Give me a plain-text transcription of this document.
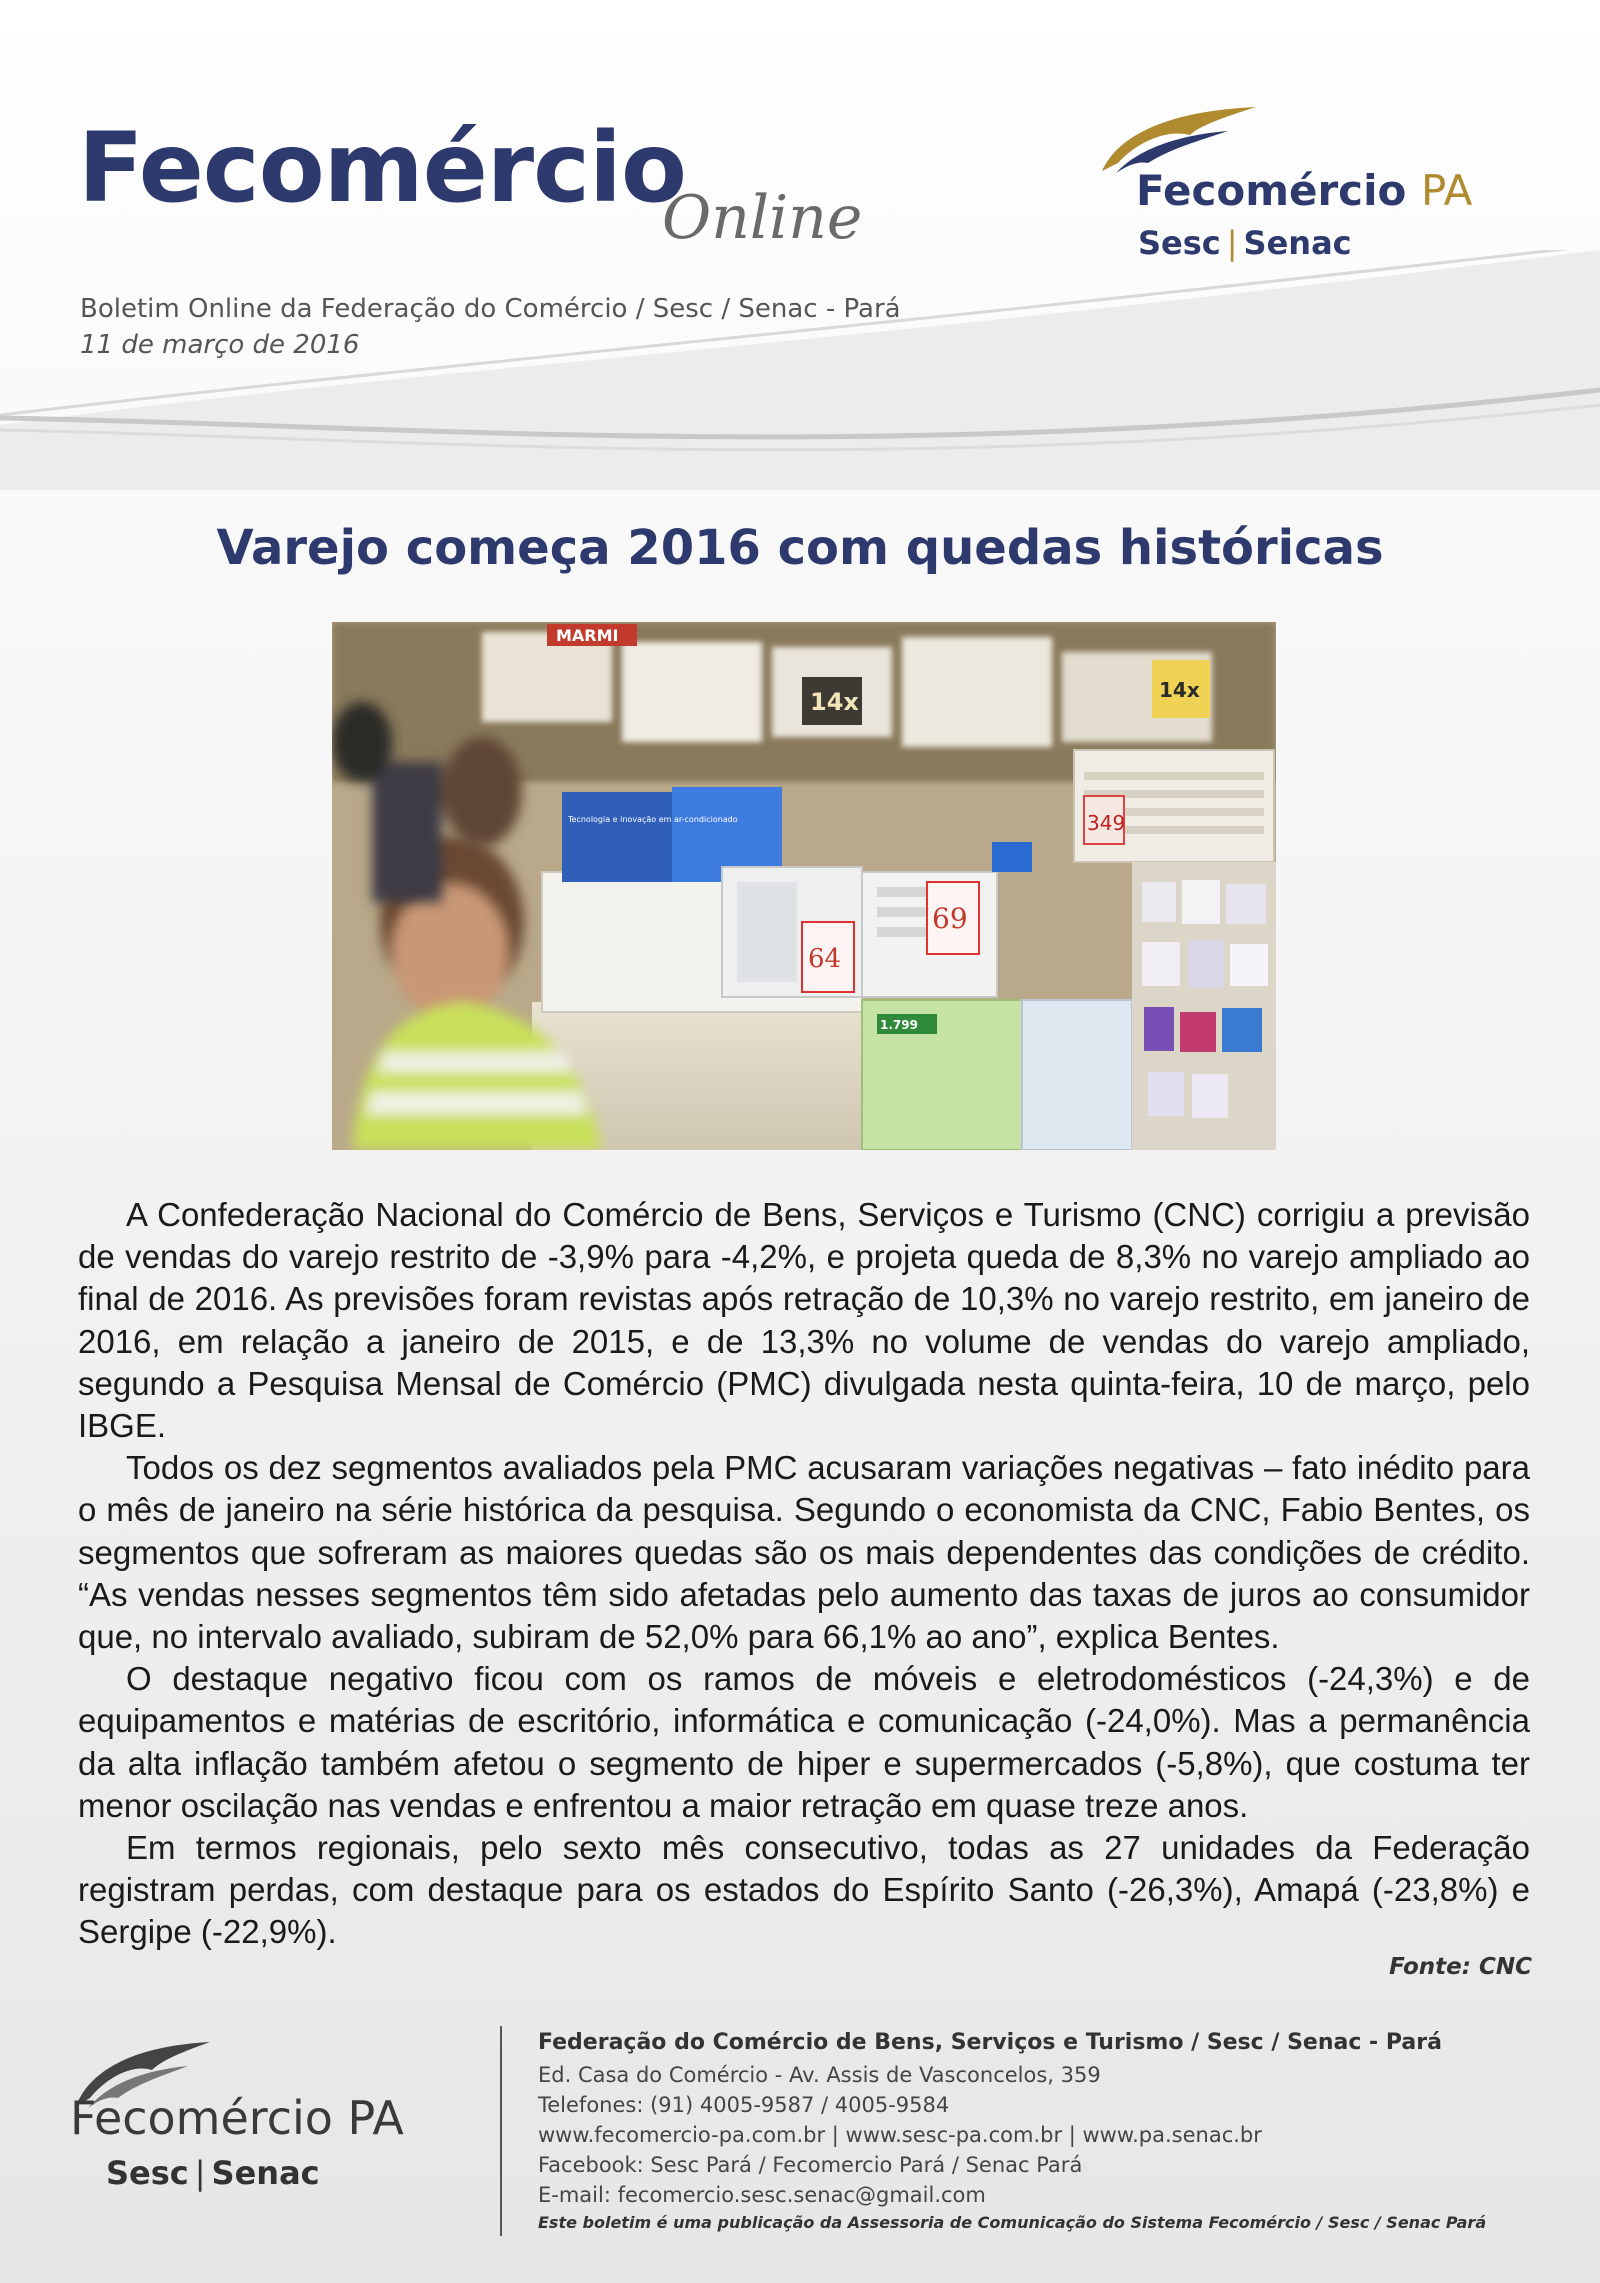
Fecomércio
Online
Boletim Online da Federação do Comércio / Sesc / Senac - Pará
11 de março de 2016
Fecomércio PA
Sesc | Senac
Varejo começa 2016 com quedas históricas
MARMI
14x	14x
349
Tecnologia e inovação em ar-condicionado
64
69
1.799

A Confederação Nacional do Comércio de Bens, Serviços e Turismo (CNC) corrigiu a previsão de vendas do varejo restrito de -3,9% para -4,2%, e projeta queda de 8,3% no varejo ampliado ao final de 2016. As previsões foram revistas após retração de 10,3% no varejo restrito, em janeiro de 2016, em relação a janeiro de 2015, e de 13,3% no volume de vendas do varejo ampliado, segundo a Pesquisa Mensal de Comércio (PMC) divulgada nesta quinta-feira, 10 de março, pelo IBGE.

Todos os dez segmentos avaliados pela PMC acusaram variações negativas – fato inédito para o mês de janeiro na série histórica da pesquisa. Segundo o economista da CNC, Fabio Bentes, os segmentos que sofreram as maiores quedas são os mais dependentes das condições de crédito. “As vendas nesses segmentos têm sido afetadas pelo aumento das taxas de juros ao consumidor que, no intervalo avaliado, subiram de 52,0% para 66,1% ao ano”, explica Bentes.

O destaque negativo ficou com os ramos de móveis e eletrodomésticos (-24,3%) e de equipamentos e matérias de escritório, informática e comunicação (-24,0%). Mas a permanência da alta inflação também afetou o segmento de hiper e supermercados (-5,8%), que costuma ter menor oscilação nas vendas e enfrentou a maior retração em quase treze anos.

Em termos regionais, pelo sexto mês consecutivo, todas as 27 unidades da Federação registram perdas, com destaque para os estados do Espírito Santo (-26,3%), Amapá (-23,8%) e Sergipe (-22,9%).

Fonte: CNC
Fecomércio PA
Sesc | Senac
Federação do Comércio de Bens, Serviços e Turismo / Sesc / Senac - Pará
Ed. Casa do Comércio - Av. Assis de Vasconcelos, 359
Telefones: (91) 4005-9587 / 4005-9584
www.fecomercio-pa.com.br | www.sesc-pa.com.br | www.pa.senac.br
Facebook: Sesc Pará / Fecomercio Pará / Senac Pará
E-mail: fecomercio.sesc.senac@gmail.com
Este boletim é uma publicação da Assessoria de Comunicação do Sistema Fecomércio / Sesc / Senac Pará
